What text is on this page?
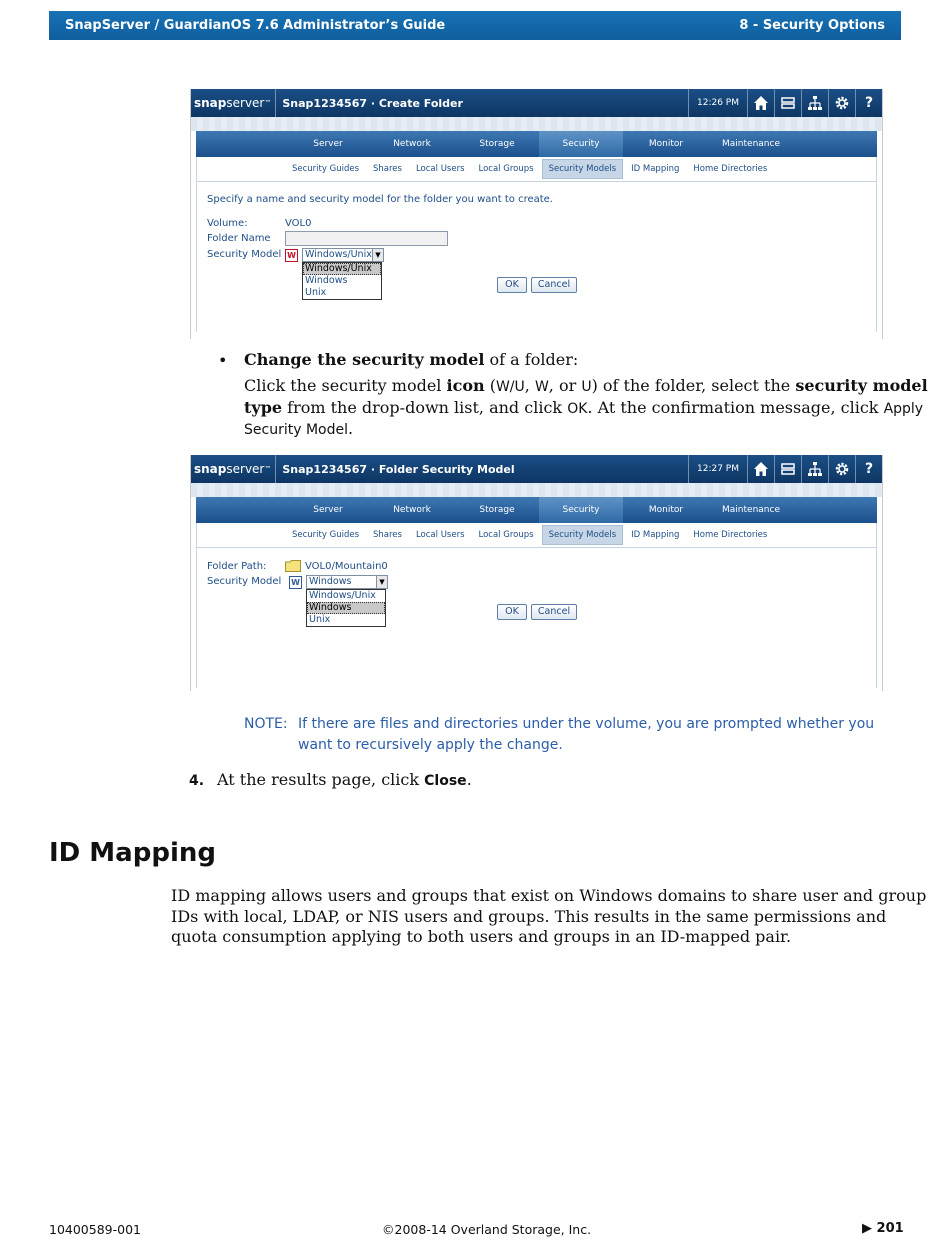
SnapServer / GuardianOS 7.6 Administrator’s Guide	8 - Security Options
snap server ™	Snap1234567 · Create Folder	12:26 PM	?
Server	Network	Storage	Security	Monitor	Maintenance
Security Guides Shares Local Users Local Groups	Security Models	ID Mapping Home Directories
Specify a name and security model for the folder you want to create.
Volume:	VOL0
Folder Name
Security Model W Windows/Unix ▼
Windows/Unix
Windows
Unix
OK	Cancel
• Change the security model of a folder:
Click the security model icon (W/U, W, or U) of the folder, select the security model
type from the drop-down list, and click OK. At the confirmation message, click Apply
Security Model.
snap server ™	Snap1234567 · Folder Security Model	12:27 PM	?
Server	Network	Storage	Security	Monitor	Maintenance
Security Guides Shares Local Users Local Groups	Security Models	ID Mapping Home Directories
Folder Path:	VOL0/Mountain0
Security Model W Windows	▼
Windows/Unix
Windows
Unix
OK	Cancel
NOTE: If there are files and directories under the volume, you are prompted whether you
want to recursively apply the change.
4. At the results page, click Close.
ID Mapping
ID mapping allows users and groups that exist on Windows domains to share user and group
IDs with local, LDAP, or NIS users and groups. This results in the same permissions and
quota consumption applying to both users and groups in an ID-mapped pair.
10400589-001	©2008-14 Overland Storage, Inc.	▶ 201
